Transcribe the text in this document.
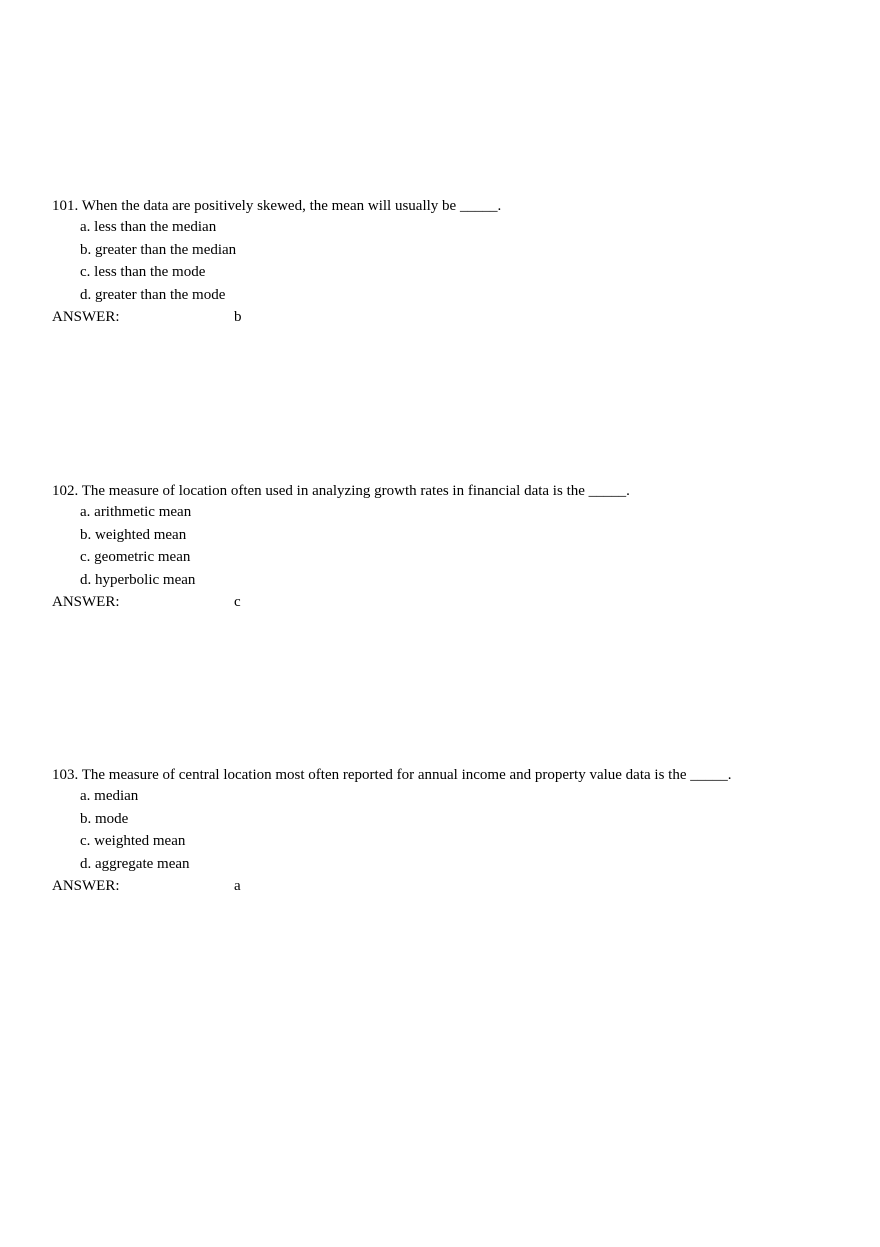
101. When the data are positively skewed, the mean will usually be _____.
a. less than the median
b. greater than the median
c. less than the mode
d. greater than the mode
ANSWER:	b
102. The measure of location often used in analyzing growth rates in financial data is the _____.
a. arithmetic mean
b. weighted mean
c. geometric mean
d. hyperbolic mean
ANSWER:	c
103. The measure of central location most often reported for annual income and property value data is the _____.
a. median
b. mode
c. weighted mean
d. aggregate mean
ANSWER:	a
